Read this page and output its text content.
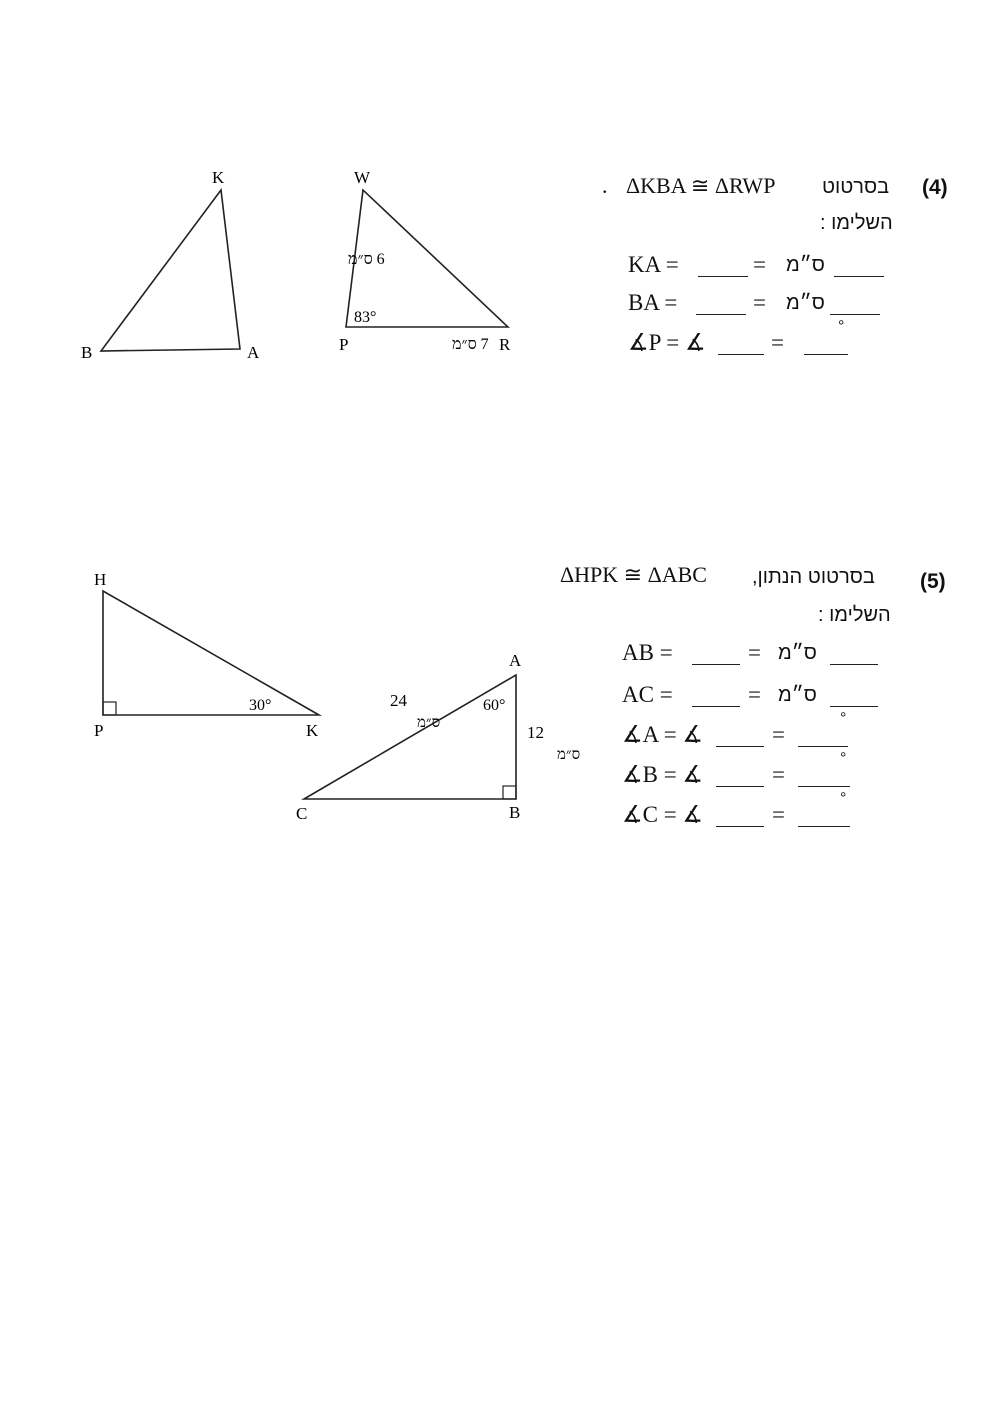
(4)
בסרטוט
ΔKBA ≅ ΔRWP
.
השלימו :
KA =	= ס״מ
BA =	= ס״מ
∡P = ∡	=
°
K
B	A
W
P	R
83°
6 ס״מ
7 ס״מ
(5)
בסרטוט הנתון,
ΔHPK ≅ ΔABC
השלימו :
AB =	= ס״מ
AC =	= ס״מ
∡A = ∡	=
°
∡B = ∡	=
°
∡C = ∡	=
°
H
P	K
30°
A
B
C
60°
24
ס״מ	12
ס״מ
